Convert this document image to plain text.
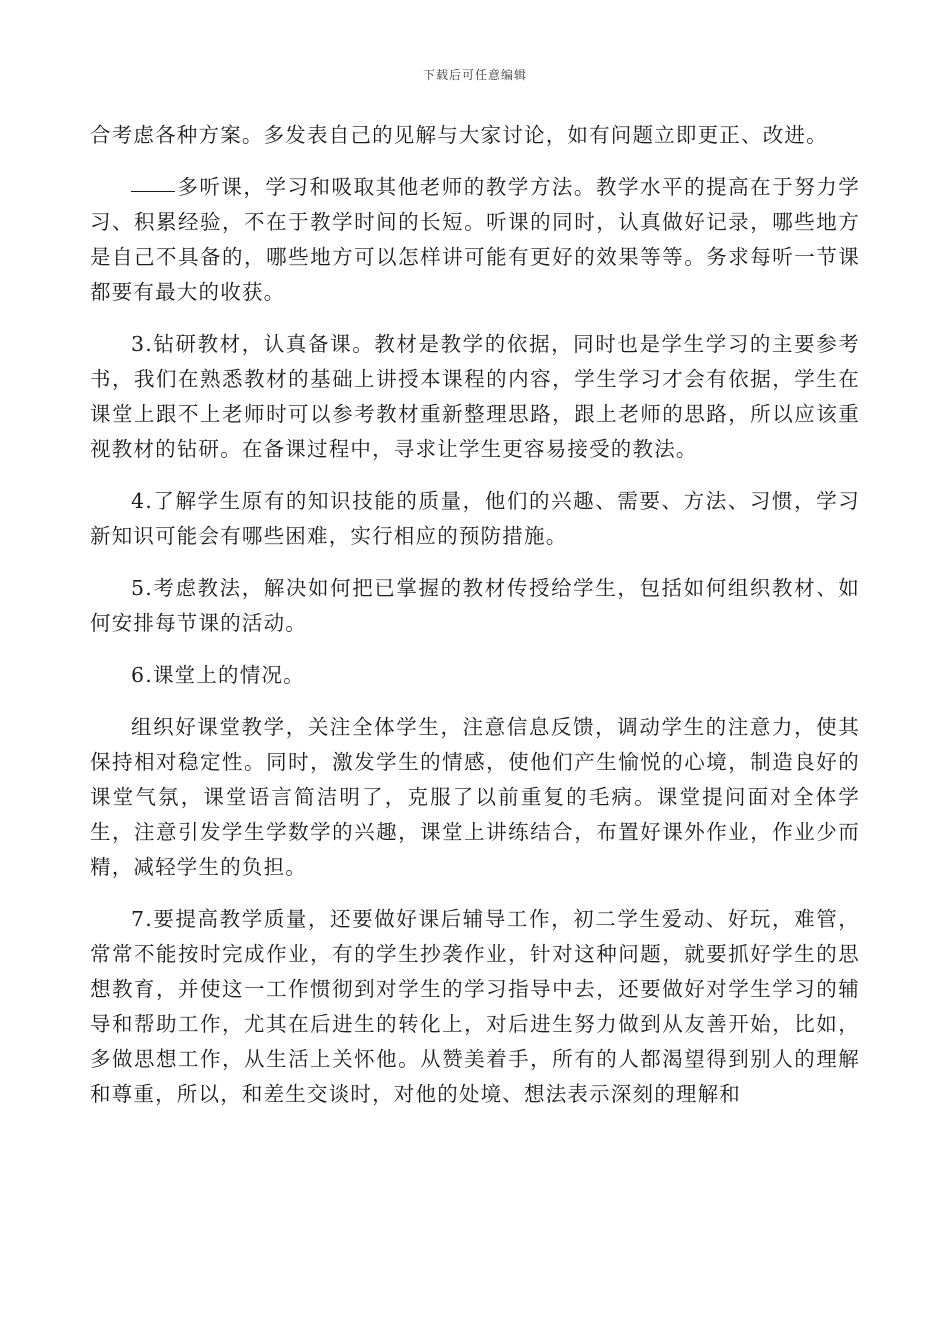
下载后可任意编辑

合考虑各种方案。多发表自己的见解与大家讨论，如有问题立即更正、改进。

多听课，学习和吸取其他老师的教学方法。教学水平的提高在于努力学习、积累经验，不在于教学时间的长短。听课的同时，认真做好记录，哪些地方是自己不具备的，哪些地方可以怎样讲可能有更好的效果等等。务求每听一节课都要有最大的收获。

3.钻研教材，认真备课。教材是教学的依据，同时也是学生学习的主要参考书，我们在熟悉教材的基础上讲授本课程的内容，学生学习才会有依据，学生在课堂上跟不上老师时可以参考教材重新整理思路，跟上老师的思路，所以应该重视教材的钻研。在备课过程中，寻求让学生更容易接受的教法。

4.了解学生原有的知识技能的质量，他们的兴趣、需要、方法、习惯，学习新知识可能会有哪些困难，实行相应的预防措施。

5.考虑教法，解决如何把已掌握的教材传授给学生，包括如何组织教材、如何安排每节课的活动。

6.课堂上的情况。

组织好课堂教学，关注全体学生，注意信息反馈，调动学生的注意力，使其保持相对稳定性。同时，激发学生的情感，使他们产生愉悦的心境，制造良好的课堂气氛，课堂语言简洁明了，克服了以前重复的毛病。课堂提问面对全体学生，注意引发学生学数学的兴趣，课堂上讲练结合，布置好课外作业，作业少而精，减轻学生的负担。

7.要提高教学质量，还要做好课后辅导工作，初二学生爱动、好玩，难管，常常不能按时完成作业，有的学生抄袭作业，针对这种问题，就要抓好学生的思想教育，并使这一工作惯彻到对学生的学习指导中去，还要做好对学生学习的辅导和帮助工作，尤其在后进生的转化上，对后进生努力做到从友善开始，比如，多做思想工作，从生活上关怀他。从赞美着手，所有的人都渴望得到别人的理解和尊重，所以，和差生交谈时，对他的处境、想法表示深刻的理解和
